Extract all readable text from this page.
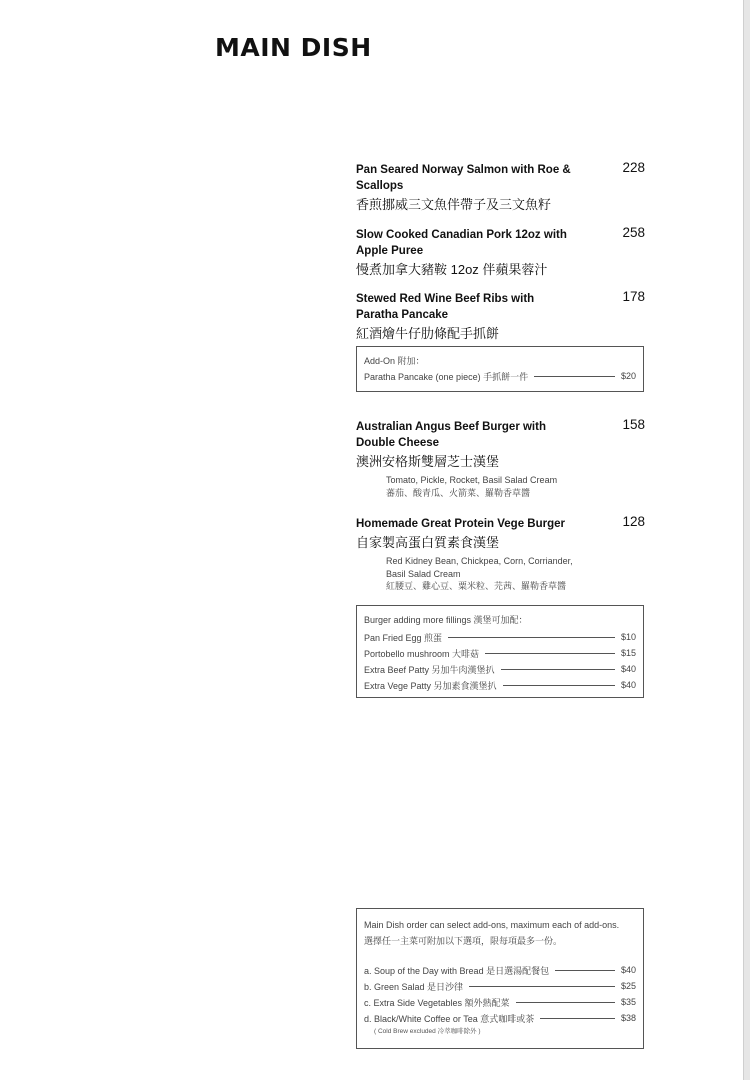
MAIN DISH
Pan Seared Norway Salmon with Roe & Scallops
香煎挪威三文魚伴帶子及三文魚籽
228
Slow Cooked Canadian Pork 12oz with Apple Puree
慢煮加拿大豬鞍 12oz 伴蘋果蓉汁
258
Stewed Red Wine Beef Ribs with Paratha Pancake
紅酒燴牛仔肋條配手抓餅
178
Add-On 附加：
Paratha Pancake (one piece) 手抓餅一件	$20
Australian Angus Beef Burger with Double Cheese
澳洲安格斯雙層芝士漢堡
158
Tomato, Pickle, Rocket, Basil Salad Cream
蕃茄、酸青瓜、火箭菜、羅勒香草醬
Homemade Great Protein Vege Burger
自家製高蛋白質素食漢堡
128
Red Kidney Bean, Chickpea, Corn, Corriander,
Basil Salad Cream
紅腰豆、雞心豆、粟米粒、芫茜、羅勒香草醬
Burger adding more fillings 漢堡可加配：
Pan Fried Egg 煎蛋	$10
Portobello mushroom 大啡菇	$15
Extra Beef Patty 另加牛肉漢堡扒	$40
Extra Vege Patty 另加素食漢堡扒	$40
Main Dish order can select add-ons, maximum each of add-ons.
選擇任一主菜可附加以下選項，限每項最多一份。
a. Soup of the Day with Bread 是日選湯配餐包	$40
b. Green Salad 是日沙律	$25
c. Extra Side Vegetables 額外熱配菜	$35
d. Black/White Coffee or Tea 意式咖啡或茶	$38
( Cold Brew excluded 冷萃咖啡除外 )
